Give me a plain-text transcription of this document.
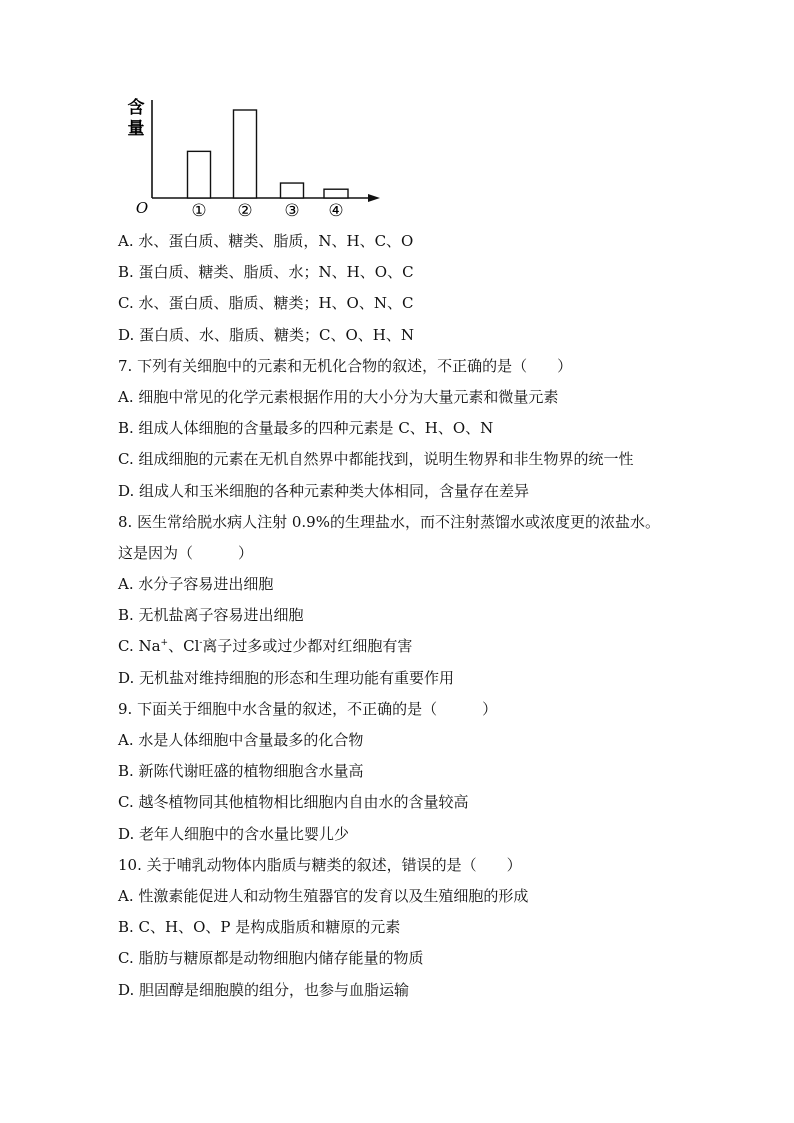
含
量
O	① ② ③ ④
A. 水、蛋白质、糖类、脂质，N、H、C、O
B. 蛋白质、糖类、脂质、水；N、H、O、C
C. 水、蛋白质、脂质、糖类；H、O、N、C
D. 蛋白质、水、脂质、糖类；C、O、H、N
7. 下列有关细胞中的元素和无机化合物的叙述，不正确的是（　　）
A. 细胞中常见的化学元素根据作用的大小分为大量元素和微量元素
B. 组成人体细胞的含量最多的四种元素是 C、H、O、N
C. 组成细胞的元素在无机自然界中都能找到，说明生物界和非生物界的统一性
D. 组成人和玉米细胞的各种元素种类大体相同，含量存在差异
8. 医生常给脱水病人注射 0.9%的生理盐水，而不注射蒸馏水或浓度更的浓盐水。
这是因为（　　　）
A. 水分子容易进出细胞
B. 无机盐离子容易进出细胞
C. Na+、Cl-离子过多或过少都对红细胞有害
D. 无机盐对维持细胞的形态和生理功能有重要作用
9. 下面关于细胞中水含量的叙述，不正确的是（　　　）
A. 水是人体细胞中含量最多的化合物
B. 新陈代谢旺盛的植物细胞含水量高
C. 越冬植物同其他植物相比细胞内自由水的含量较高
D. 老年人细胞中的含水量比婴儿少
10. 关于哺乳动物体内脂质与糖类的叙述，错误的是（　　）
A. 性激素能促进人和动物生殖器官的发育以及生殖细胞的形成
B. C、H、O、P 是构成脂质和糖原的元素
C. 脂肪与糖原都是动物细胞内储存能量的物质
D. 胆固醇是细胞膜的组分，也参与血脂运输
